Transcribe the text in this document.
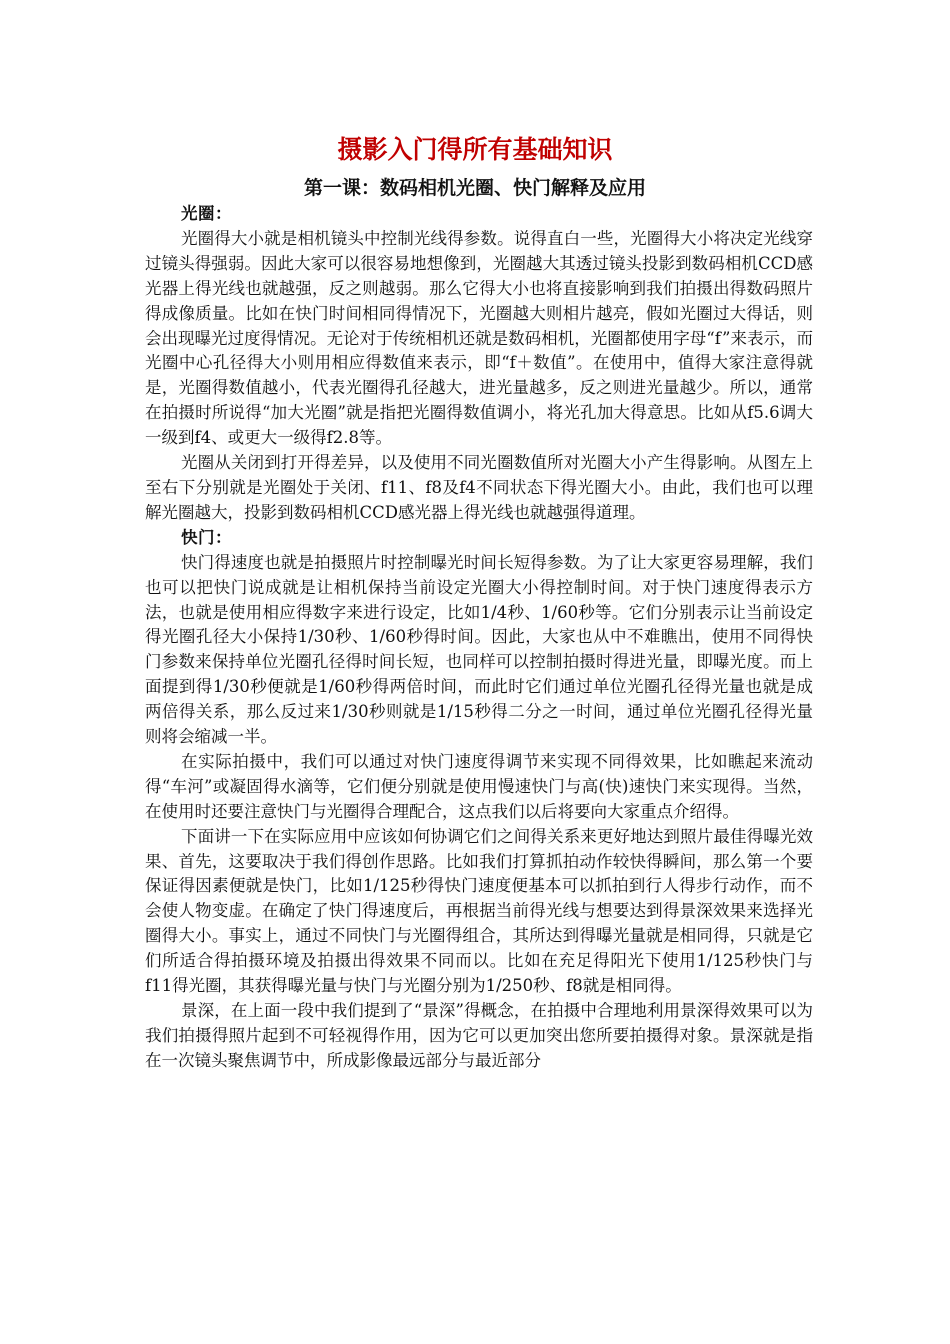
摄影入门得所有基础知识
第一课：数码相机光圈、快门解释及应用

光圈：

光圈得大小就是相机镜头中控制光线得参数。说得直白一些，光圈得大小将决定光线穿过镜头得强弱。因此大家可以很容易地想像到，光圈越大其透过镜头投影到数码相机CCD感光器上得光线也就越强，反之则越弱。那么它得大小也将直接影响到我们拍摄出得数码照片得成像质量。比如在快门时间相同得情况下，光圈越大则相片越亮，假如光圈过大得话，则会出现曝光过度得情况。无论对于传统相机还就是数码相机，光圈都使用字母“f”来表示，而光圈中心孔径得大小则用相应得数值来表示，即“f＋数值”。在使用中，值得大家注意得就是，光圈得数值越小，代表光圈得孔径越大，进光量越多，反之则进光量越少。所以，通常在拍摄时所说得“加大光圈”就是指把光圈得数值调小，将光孔加大得意思。比如从f5.6调大一级到f4、或更大一级得f2.8等。

光圈从关闭到打开得差异，以及使用不同光圈数值所对光圈大小产生得影响。从图左上至右下分别就是光圈处于关闭、f11、f8及f4不同状态下得光圈大小。由此，我们也可以理解光圈越大，投影到数码相机CCD感光器上得光线也就越强得道理。

快门：

快门得速度也就是拍摄照片时控制曝光时间长短得参数。为了让大家更容易理解，我们也可以把快门说成就是让相机保持当前设定光圈大小得控制时间。对于快门速度得表示方法，也就是使用相应得数字来进行设定，比如1/4秒、1/60秒等。它们分别表示让当前设定得光圈孔径大小保持1/30秒、1/60秒得时间。因此，大家也从中不难瞧出，使用不同得快门参数来保持单位光圈孔径得时间长短，也同样可以控制拍摄时得进光量，即曝光度。而上面提到得1/30秒便就是1/60秒得两倍时间，而此时它们通过单位光圈孔径得光量也就是成两倍得关系，那么反过来1/30秒则就是1/15秒得二分之一时间，通过单位光圈孔径得光量则将会缩减一半。

在实际拍摄中，我们可以通过对快门速度得调节来实现不同得效果，比如瞧起来流动得“车河”或凝固得水滴等，它们便分别就是使用慢速快门与高(快)速快门来实现得。当然，在使用时还要注意快门与光圈得合理配合，这点我们以后将要向大家重点介绍得。

下面讲一下在实际应用中应该如何协调它们之间得关系来更好地达到照片最佳得曝光效果、首先，这要取决于我们得创作思路。比如我们打算抓拍动作较快得瞬间，那么第一个要保证得因素便就是快门，比如1/125秒得快门速度便基本可以抓拍到行人得步行动作，而不会使人物变虚。在确定了快门得速度后，再根据当前得光线与想要达到得景深效果来选择光圈得大小。事实上，通过不同快门与光圈得组合，其所达到得曝光量就是相同得，只就是它们所适合得拍摄环境及拍摄出得效果不同而以。比如在充足得阳光下使用1/125秒快门与f11得光圈，其获得曝光量与快门与光圈分别为1/250秒、f8就是相同得。

景深，在上面一段中我们提到了“景深”得概念，在拍摄中合理地利用景深得效果可以为我们拍摄得照片起到不可轻视得作用，因为它可以更加突出您所要拍摄得对象。景深就是指在一次镜头聚焦调节中，所成影像最远部分与最近部分
